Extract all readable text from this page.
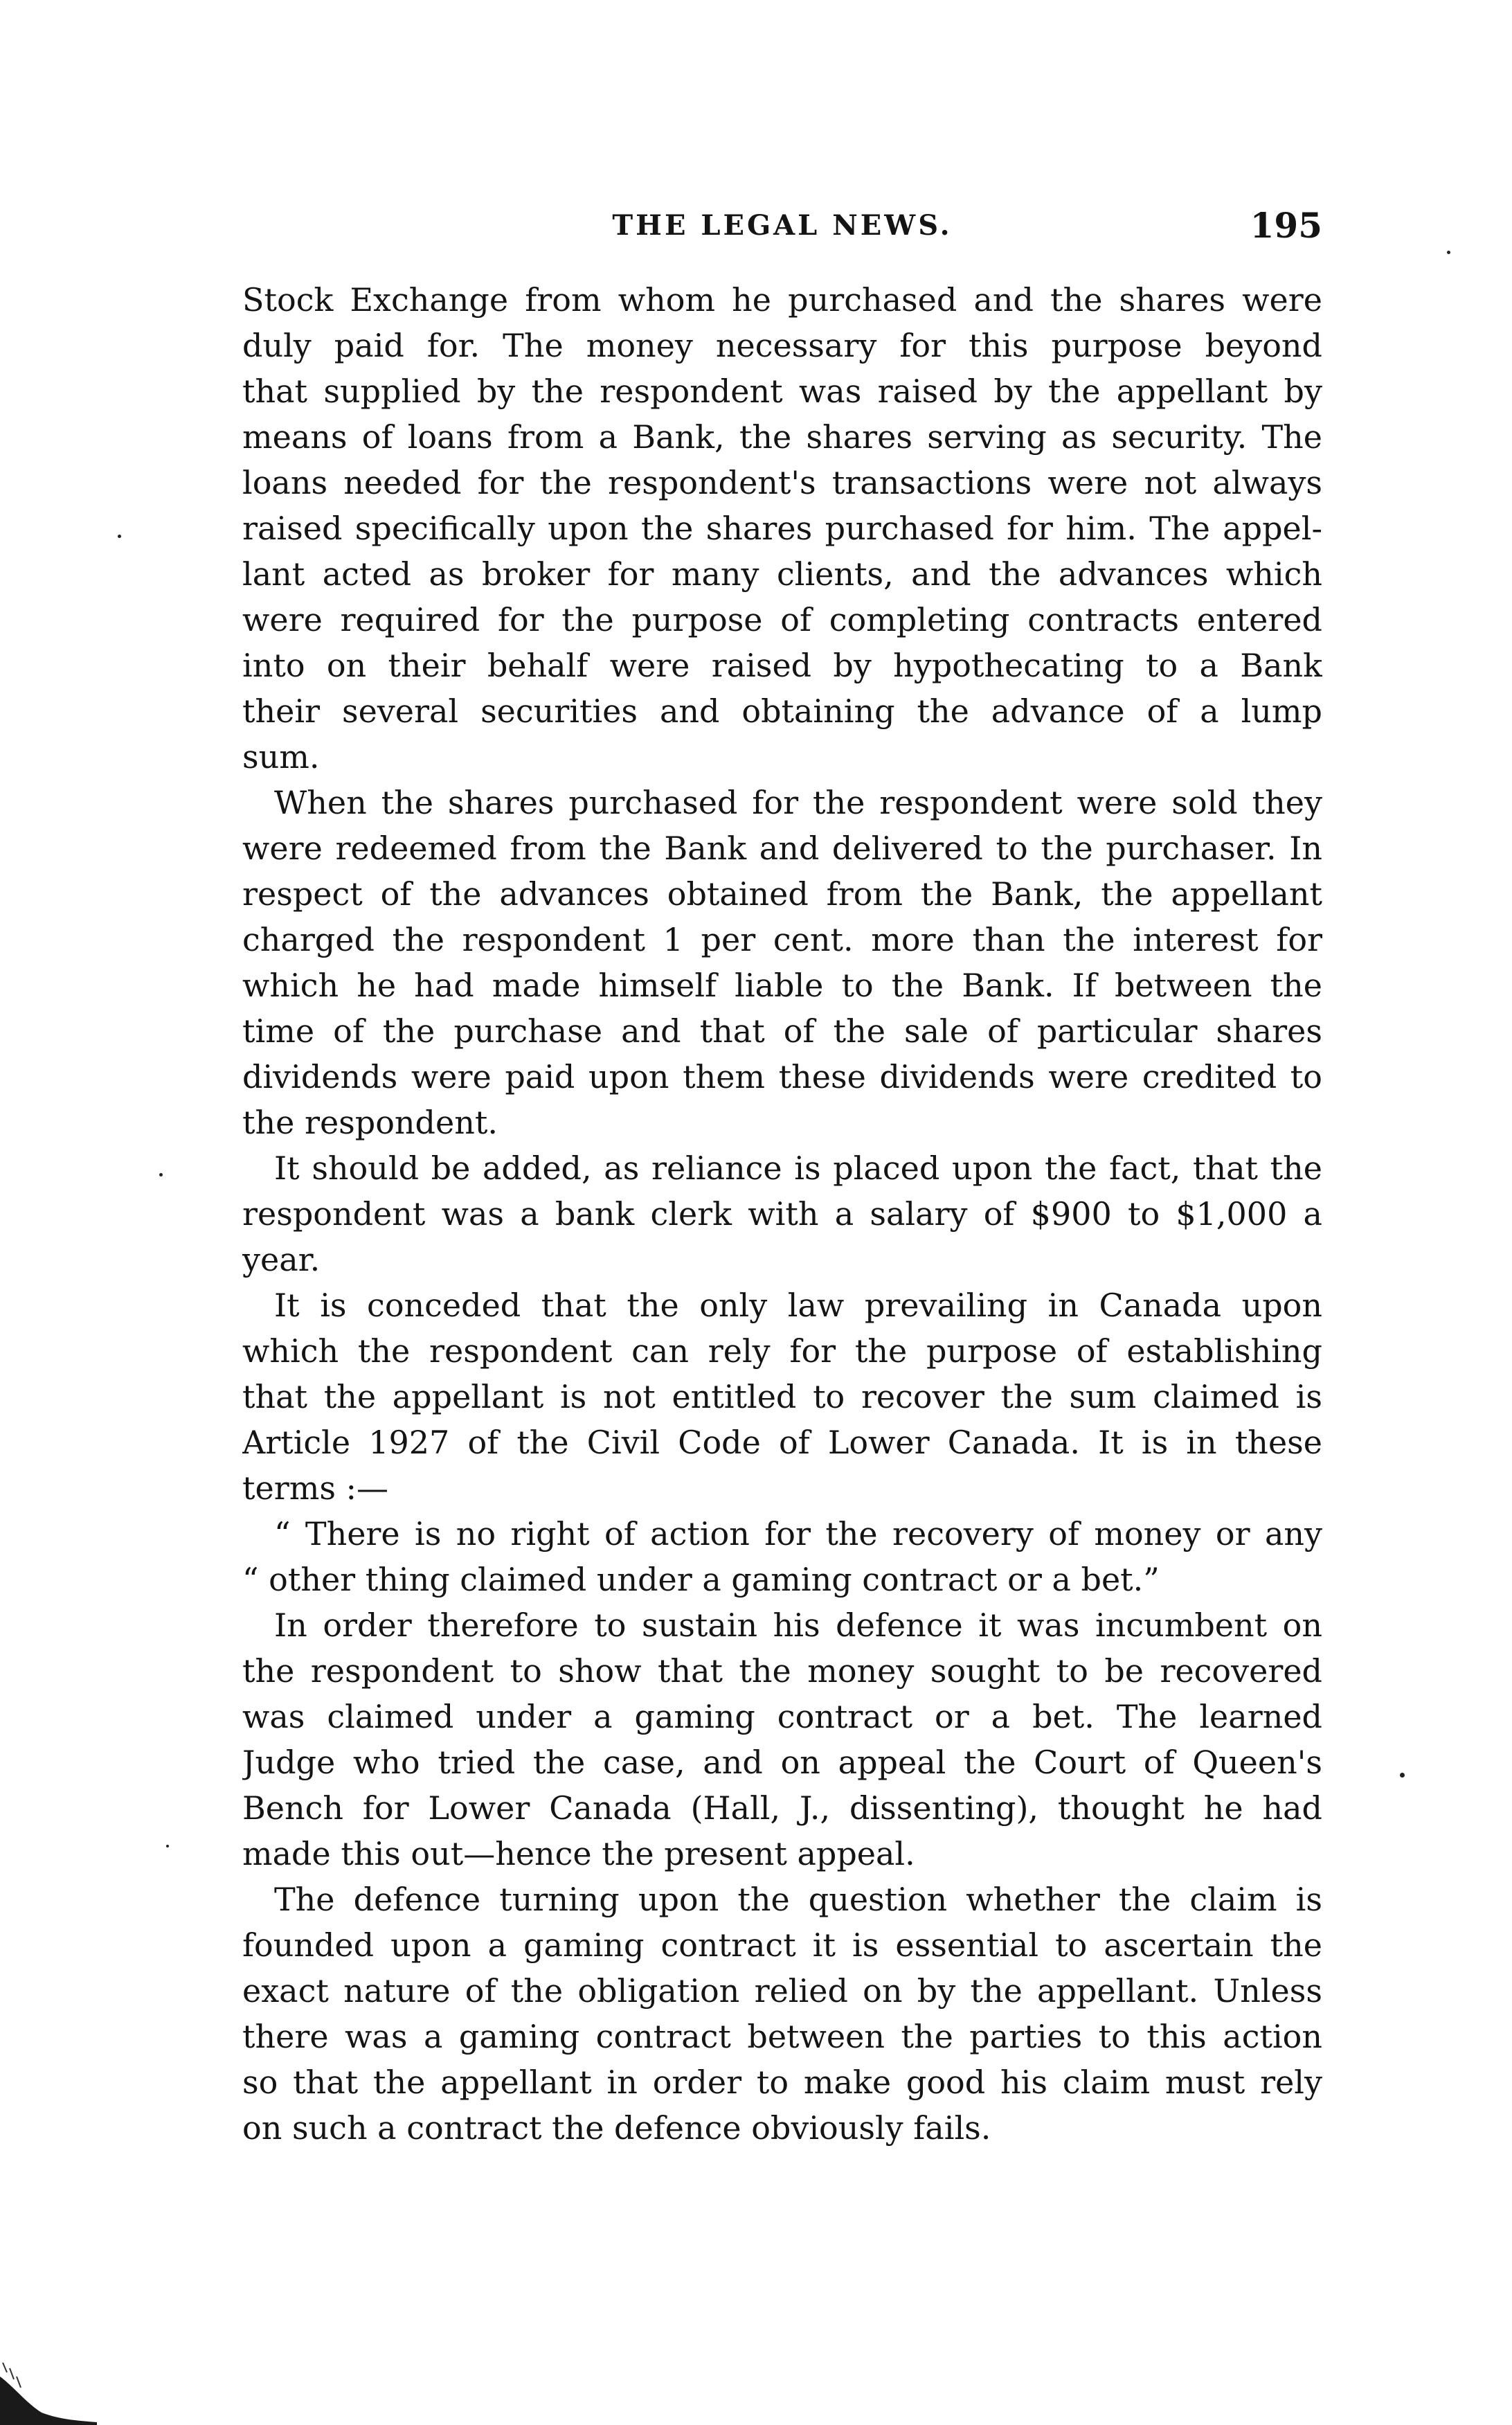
THE LEGAL NEWS.	195
Stock Exchange from whom he purchased and the shares were
duly paid for. The money necessary for this purpose beyond
that supplied by the respondent was raised by the appellant by
means of loans from a Bank, the shares serving as security. The
loans needed for the respondent's transactions were not always
raised specifically upon the shares purchased for him. The appel-
lant acted as broker for many clients, and the advances which
were required for the purpose of completing contracts entered
into on their behalf were raised by hypothecating to a Bank
their several securities and obtaining the advance of a lump
sum.
When the shares purchased for the respondent were sold they
were redeemed from the Bank and delivered to the purchaser. In
respect of the advances obtained from the Bank, the appellant
charged the respondent 1 per cent. more than the interest for
which he had made himself liable to the Bank. If between the
time of the purchase and that of the sale of particular shares
dividends were paid upon them these dividends were credited to
the respondent.
It should be added, as reliance is placed upon the fact, that the
respondent was a bank clerk with a salary of $900 to $1,000 a
year.
It is conceded that the only law prevailing in Canada upon
which the respondent can rely for the purpose of establishing
that the appellant is not entitled to recover the sum claimed is
Article 1927 of the Civil Code of Lower Canada. It is in these
terms :—
“ There is no right of action for the recovery of money or any
“ other thing claimed under a gaming contract or a bet.”
In order therefore to sustain his defence it was incumbent on
the respondent to show that the money sought to be recovered
was claimed under a gaming contract or a bet. The learned
Judge who tried the case, and on appeal the Court of Queen's
Bench for Lower Canada (Hall, J., dissenting), thought he had
made this out—hence the present appeal.
The defence turning upon the question whether the claim is
founded upon a gaming contract it is essential to ascertain the
exact nature of the obligation relied on by the appellant. Unless
there was a gaming contract between the parties to this action
so that the appellant in order to make good his claim must rely
on such a contract the defence obviously fails.
